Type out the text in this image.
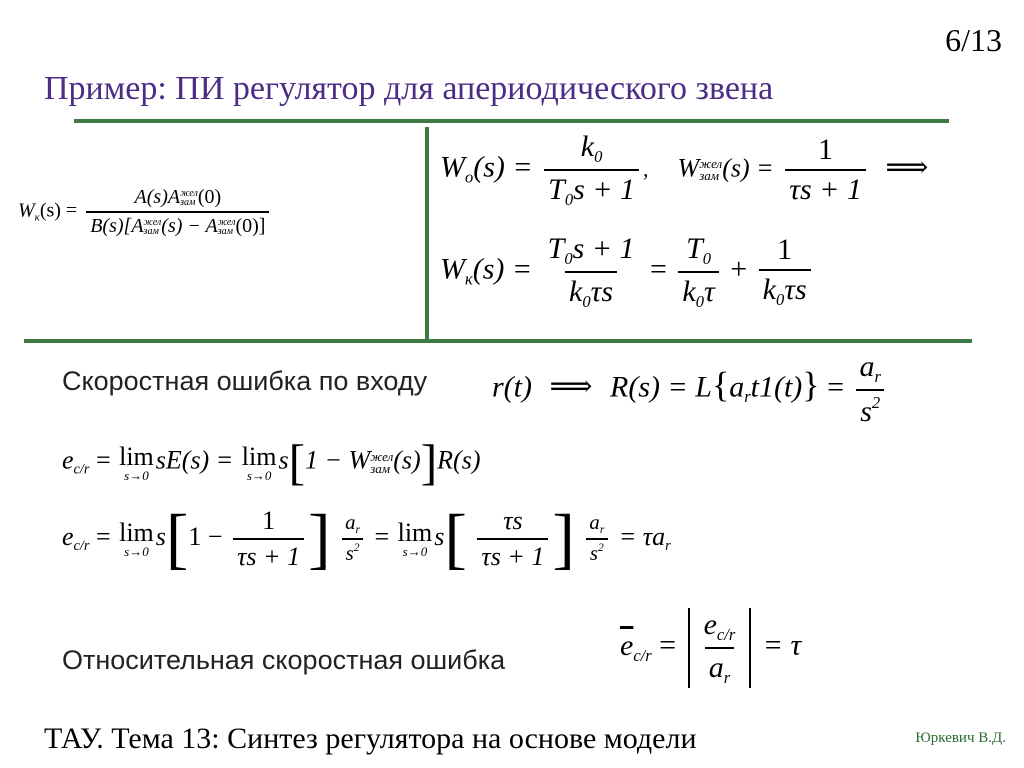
6/13
Пример: ПИ регулятор для апериодического звена
$W_к(s) = A(s)A$ жел
зам (0)
B(s)[A жел
зам (s) − A жел
зам (0)]
$W_o(s) = \frac{k_0}{T_0s + 1}$ , W жел
зам $(s) = \frac{1}{\tau s + 1}$ ⟹
$W_к(s) = \frac{T_0s + 1}{k_0\tau s} = \frac{T_0}{k_0\tau} + \frac{1}{k_0\tau s}$
Скоростная ошибка по входу r(t) ⟹ $R(s) = L\{a_rt1(t)\} = \frac{a_r}{s^2}$
$e_{c/r} = \lim$
s→0
sE(s) = lim
s→0
s[1 − W жел
зам (s)]R(s)
$e_{c/r} = \lim$
s→0
$s[1 - \frac{1}{\tau s + 1}$ ] $\frac{a_r}{s^2} = \lim$
s→0
$s[ \frac{\tau s}{\tau s + 1}$ ] $\frac{a_r}{s^2} = \tau a_r$
Относительная скоростная ошибка	$\overline{e}_{c/r} = \frac{e_{c/r}}{a_r} = \tau$
ТАУ. Тема 13: Синтез регулятора на основе модели	Юркевич В.Д.
